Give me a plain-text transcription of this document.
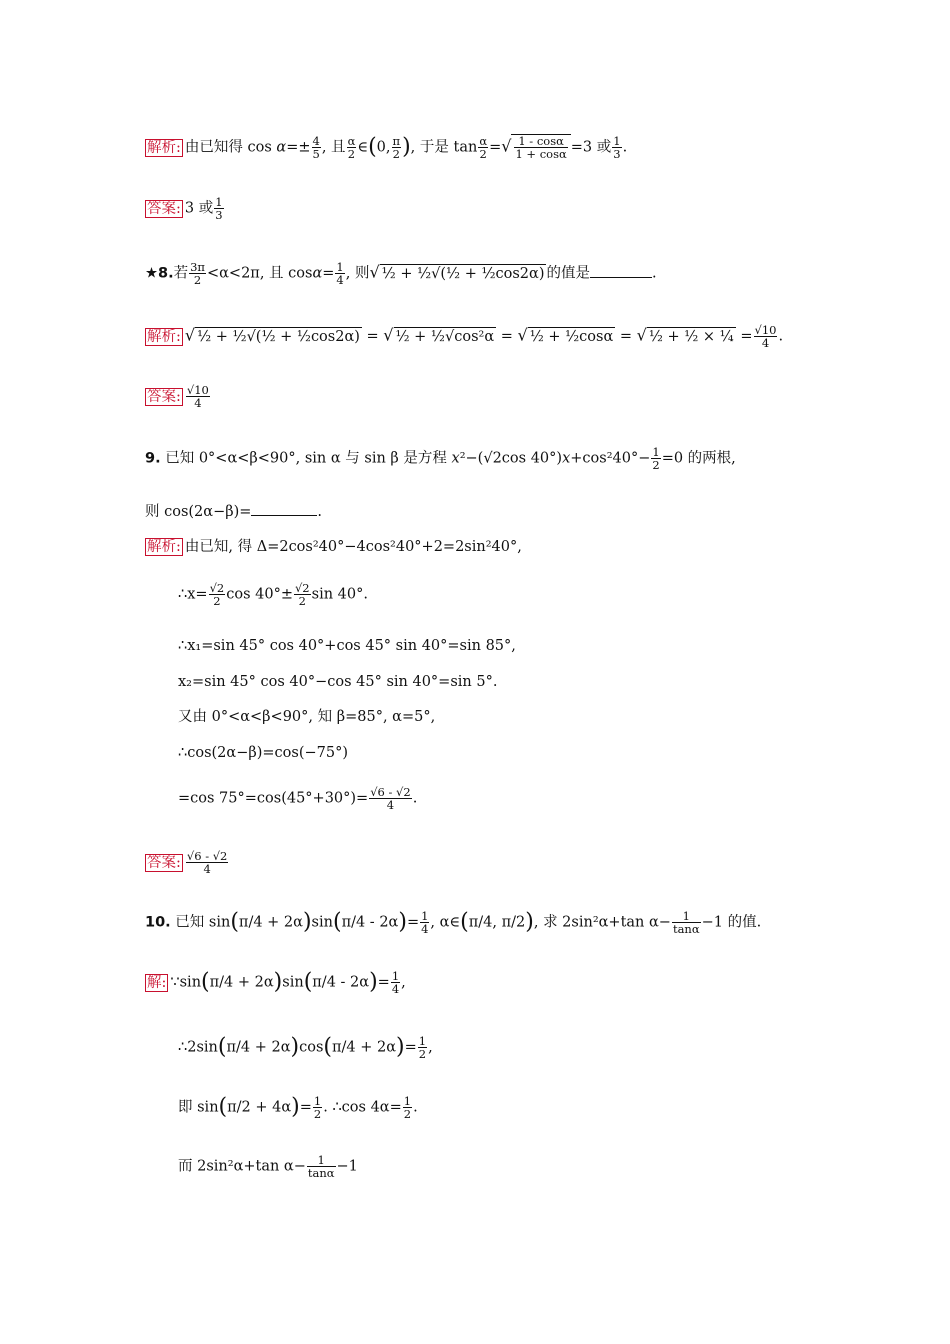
解析: 由已知得 $\cos \alpha=\pm \frac{4}{5}$ , 且 $\frac{\alpha}{2}$ ∈(0, $\frac{\pi}{2}$ ), 于是 $\tan \frac{\alpha}{2}$ =√ $\frac{1 - \cos\alpha}{1 + \cos\alpha} =3$ 或 $\frac{1}{3}$ .
答案: 3 或 $\frac{1}{3}$
★8.若 $\frac{3\pi}{2} <\alpha<2\pi$, 且 $\cos\alpha= \frac{1}{4}$ , 则√ ½ + ½√(½ + ½cos2α) 的值是	.
解析: √ ½ + ½√(½ + ½cos2α) = √ ½ + ½√cos²α = √ ½ + ½cosα = √ ½ + ½ × ¼ = $\frac{√10}{4}$ .
答案: $\frac{√10}{4}$
9. 已知 0°<α<β<90°, sin α 与 sin β 是方程 x²−(√2cos $40^\circ)x+\cos^240^\circ- \frac{1}{2} =0$ 的两根,
则 cos(2α−β)=	.
解析: 由已知, 得 Δ=2cos²40°−4cos²40°+2=2sin²40°,
∴x= $\frac{√2}{2}$ $\cos 40^\circ\pm \frac{√2}{2}$ sin 40°.
∴x₁=sin 45° cos 40°+cos 45° sin 40°=sin 85°,
x₂=sin 45° cos 40°−cos 45° sin 40°=sin 5°.
又由 0°<α<β<90°, 知 β=85°, α=5°,
∴cos(2α−β)=cos(−75°)
=cos $75^\circ=\cos(45^\circ+30^\circ)= \frac{√6 - √2}{4}$ .
答案: $\frac{√6 - √2}{4}$
10. 已知 $\sin(\pi/4 + 2\alpha)\sin(\pi/4 - 2\alpha)= \frac{1}{4}$ , α∈(π/4, π/2), 求 2sin²α+tan $\alpha- \frac{1}{\tan\alpha} -1$ 的值.
解: ∵sin(π/4 + $2\alpha)\sin(\pi/4 - 2\alpha)= \frac{1}{4}$ ,
∴2sin(π/4 + $2\alpha)\cos(\pi/4 + 2\alpha)= \frac{1}{2}$ ,
即 $\sin(\pi/2 + 4\alpha)= \frac{1}{2}$ . ∴cos $4\alpha= \frac{1}{2}$ .
而 2sin²α+tan $\alpha- \frac{1}{\tan\alpha} -1$
